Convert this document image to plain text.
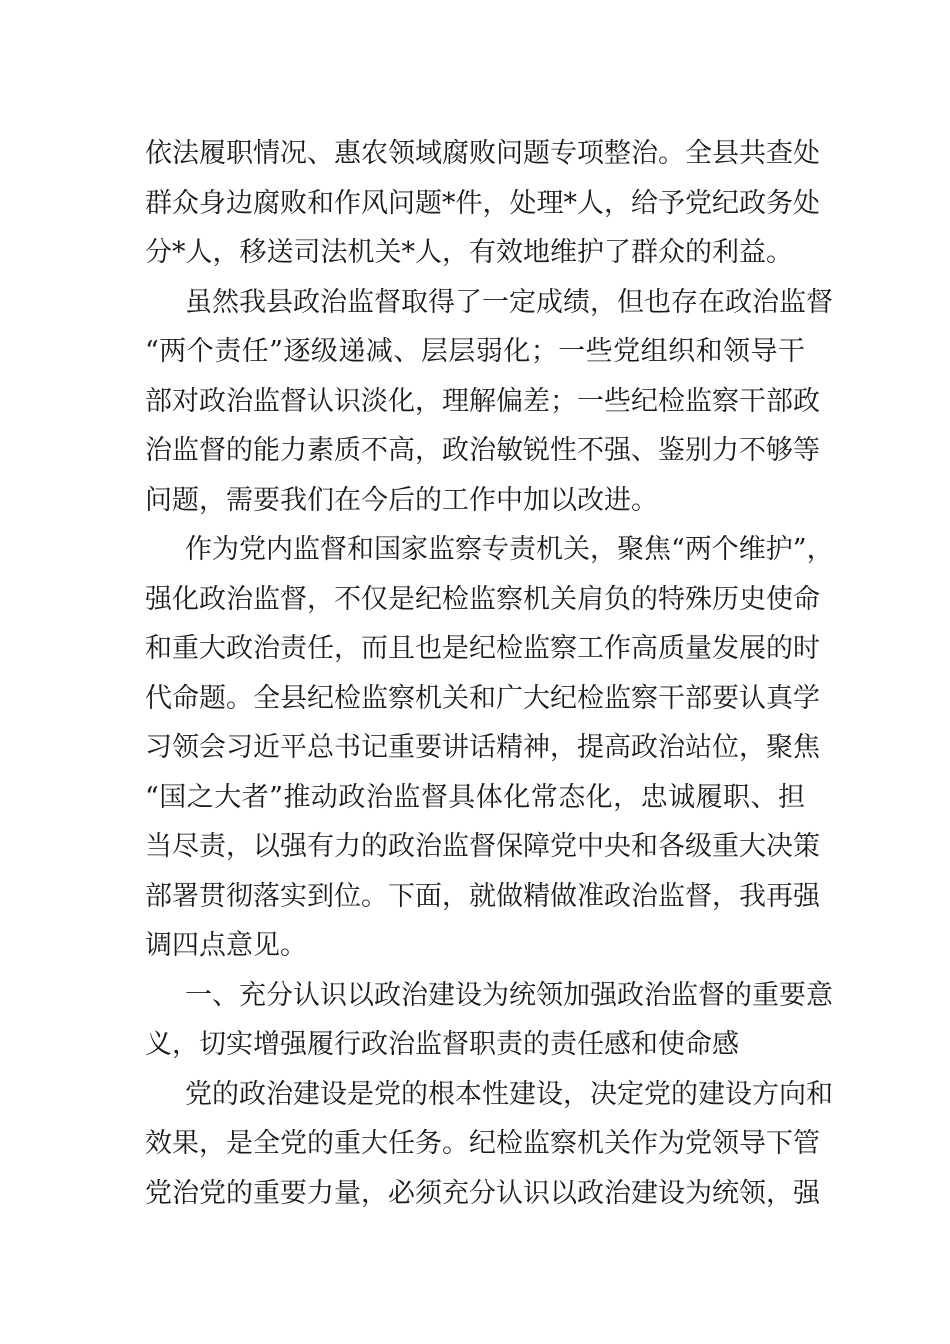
依法履职情况、惠农领域腐败问题专项整治。全县共查处
群众身边腐败和作风问题*件，处理*人，给予党纪政务处
分*人，移送司法机关*人，有效地维护了群众的利益。
虽然我县政治监督取得了一定成绩，但也存在政治监督
“两个责任”逐级递减、层层弱化；一些党组织和领导干
部对政治监督认识淡化，理解偏差；一些纪检监察干部政
治监督的能力素质不高，政治敏锐性不强、鉴别力不够等
问题，需要我们在今后的工作中加以改进。
作为党内监督和国家监察专责机关，聚焦“两个维护”，
强化政治监督，不仅是纪检监察机关肩负的特殊历史使命
和重大政治责任，而且也是纪检监察工作高质量发展的时
代命题。全县纪检监察机关和广大纪检监察干部要认真学
习领会习近平总书记重要讲话精神，提高政治站位，聚焦
“国之大者”推动政治监督具体化常态化，忠诚履职、担
当尽责，以强有力的政治监督保障党中央和各级重大决策
部署贯彻落实到位。下面，就做精做准政治监督，我再强
调四点意见。
一、充分认识以政治建设为统领加强政治监督的重要意
义，切实增强履行政治监督职责的责任感和使命感
党的政治建设是党的根本性建设，决定党的建设方向和
效果，是全党的重大任务。纪检监察机关作为党领导下管
党治党的重要力量，必须充分认识以政治建设为统领，强
